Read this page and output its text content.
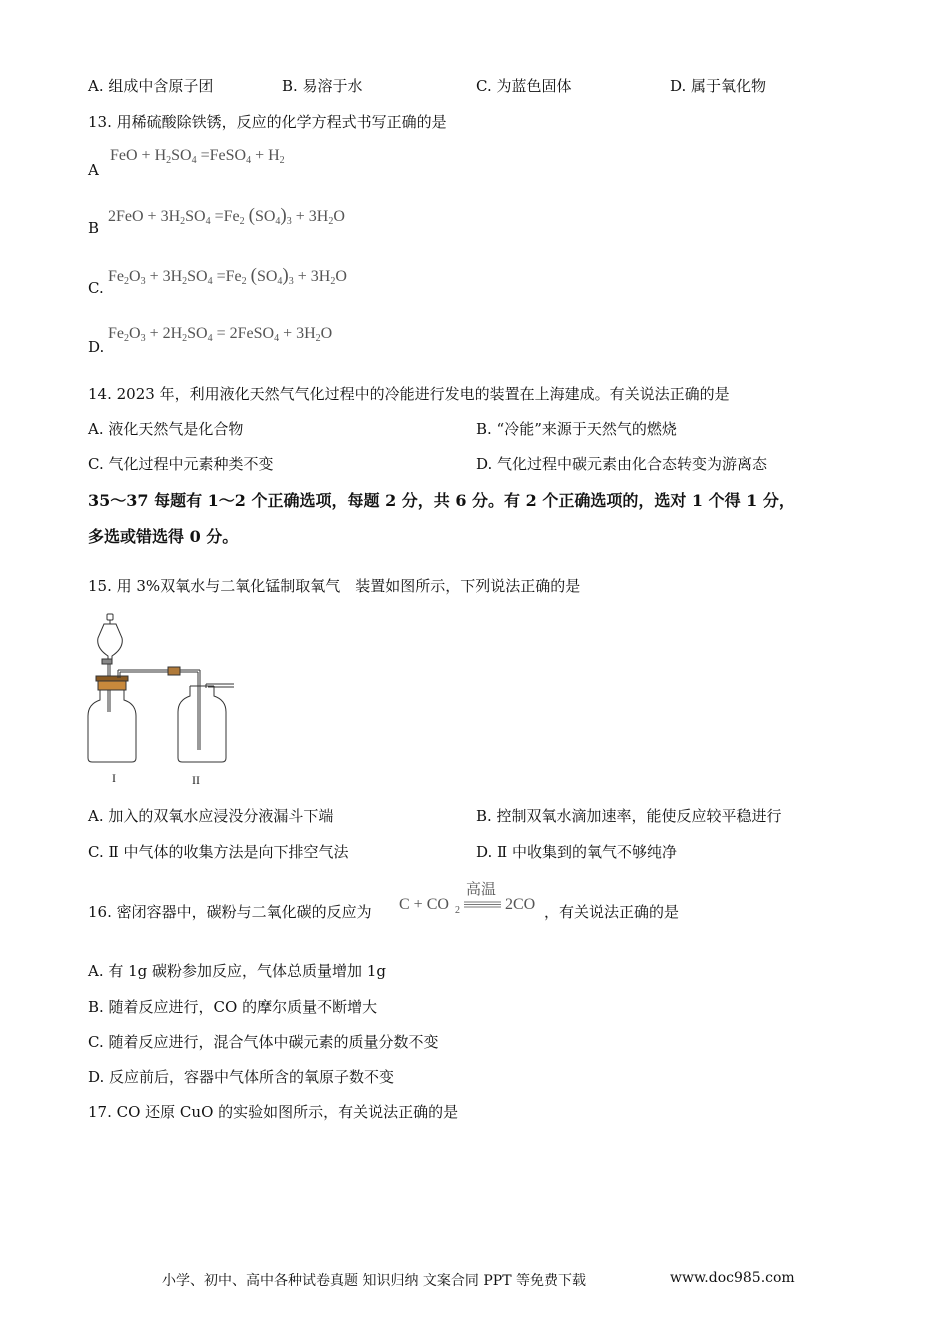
A. 组成中含原子团	B. 易溶于水	C. 为蓝色固体	D. 属于氧化物
13. 用稀硫酸除铁锈，反应的化学方程式书写正确的是
A
FeO + $H_2SO_4$ =FeSO$_4$ + $H_2$
B
$2FeO + 3H_2SO_4 =Fe_2$ $(SO_4)_3 + 3H_2O$
C.
$Fe_2O_3 + 3H_2SO_4 =Fe_2$ $(SO_4)_3 + 3H_2O$
D.
$Fe_2O_3 + 2H_2SO_4$ = 2FeSO$_4$ + $3H_2O$
14. 2023 年，利用液化天然气气化过程中的冷能进行发电的装置在上海建成。有关说法正确的是
A. 液化天然气是化合物	B. “冷能”来源于天然气的燃烧
C. 气化过程中元素种类不变	D. 气化过程中碳元素由化合态转变为游离态
35～37 每题有 1～2 个正确选项，每题 2 分，共 6 分。有 2 个正确选项的，选对 1 个得 1 分，
多选或错选得 0 分。
15. 用 3%双氧水与二氧化锰制取氧气　装置如图所示，下列说法正确的是
I	II
A. 加入的双氧水应浸没分液漏斗下端	B. 控制双氧水滴加速率，能使反应较平稳进行
C. Ⅱ 中气体的收集方法是向下排空气法	D. Ⅱ 中收集到的氧气不够纯净
16. 密闭容器中，碳粉与二氧化碳的反应为 C + CO 2
高温
2CO ，有关说法正确的是
A. 有 1g 碳粉参加反应，气体总质量增加 1g
B. 随着反应进行，CO 的摩尔质量不断增大
C. 随着反应进行，混合气体中碳元素的质量分数不变
D. 反应前后，容器中气体所含的氧原子数不变
17. CO 还原 CuO 的实验如图所示，有关说法正确的是
小学、初中、高中各种试卷真题 知识归纳 文案合同 PPT 等免费下载	www.doc985.com
